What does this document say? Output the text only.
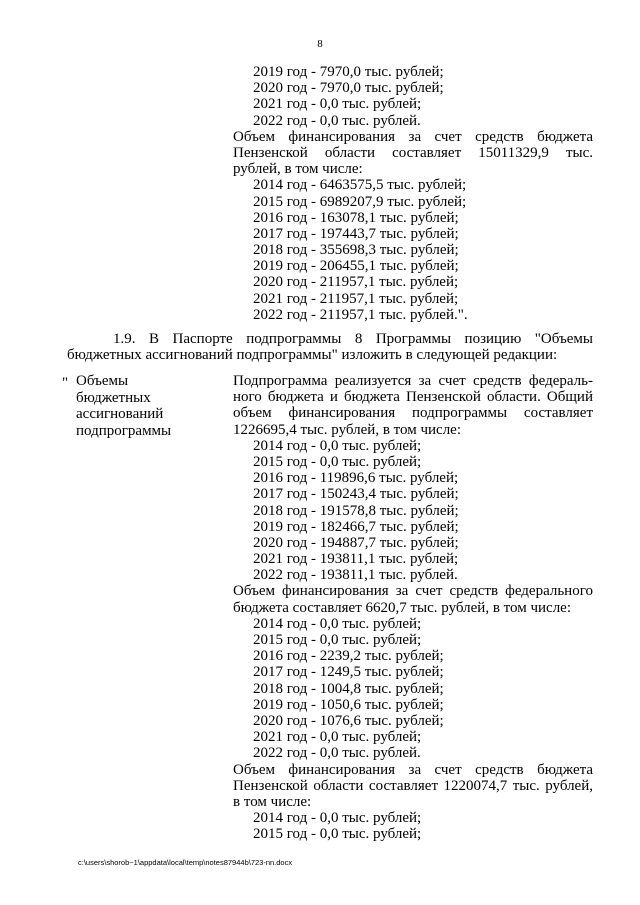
8
2019 год - 7970,0 тыс. рублей;
2020 год - 7970,0 тыс. рублей;
2021 год - 0,0 тыс. рублей;
2022 год - 0,0 тыс. рублей.
Объем финансирования за счет средств бюджета
Пензенской области составляет 15011329,9 тыс.
рублей, в том числе:
2014 год - 6463575,5 тыс. рублей;
2015 год - 6989207,9 тыс. рублей;
2016 год - 163078,1 тыс. рублей;
2017 год - 197443,7 тыс. рублей;
2018 год - 355698,3 тыс. рублей;
2019 год - 206455,1 тыс. рублей;
2020 год - 211957,1 тыс. рублей;
2021 год - 211957,1 тыс. рублей;
2022 год - 211957,1 тыс. рублей.".
1.9. В Паспорте подпрограммы 8 Программы позицию "Объемы
бюджетных ассигнований подпрограммы" изложить в следующей редакции:
" Объемы
бюджетных
ассигнований
подпрограммы
Подпрограмма реализуется за счет средств федераль-
ного бюджета и бюджета Пензенской области. Общий
объем финансирования подпрограммы составляет
1226695,4 тыс. рублей, в том числе:
2014 год - 0,0 тыс. рублей;
2015 год - 0,0 тыс. рублей;
2016 год - 119896,6 тыс. рублей;
2017 год - 150243,4 тыс. рублей;
2018 год - 191578,8 тыс. рублей;
2019 год - 182466,7 тыс. рублей;
2020 год - 194887,7 тыс. рублей;
2021 год - 193811,1 тыс. рублей;
2022 год - 193811,1 тыс. рублей.
Объем финансирования за счет средств федерального
бюджета составляет 6620,7 тыс. рублей, в том числе:
2014 год - 0,0 тыс. рублей;
2015 год - 0,0 тыс. рублей;
2016 год - 2239,2 тыс. рублей;
2017 год - 1249,5 тыс. рублей;
2018 год - 1004,8 тыс. рублей;
2019 год - 1050,6 тыс. рублей;
2020 год - 1076,6 тыс. рублей;
2021 год - 0,0 тыс. рублей;
2022 год - 0,0 тыс. рублей.
Объем финансирования за счет средств бюджета
Пензенской области составляет 1220074,7 тыс. рублей,
в том числе:
2014 год - 0,0 тыс. рублей;
2015 год - 0,0 тыс. рублей;
c:\users\shorob~1\appdata\local\temp\notes87944b\723-nn.docx
